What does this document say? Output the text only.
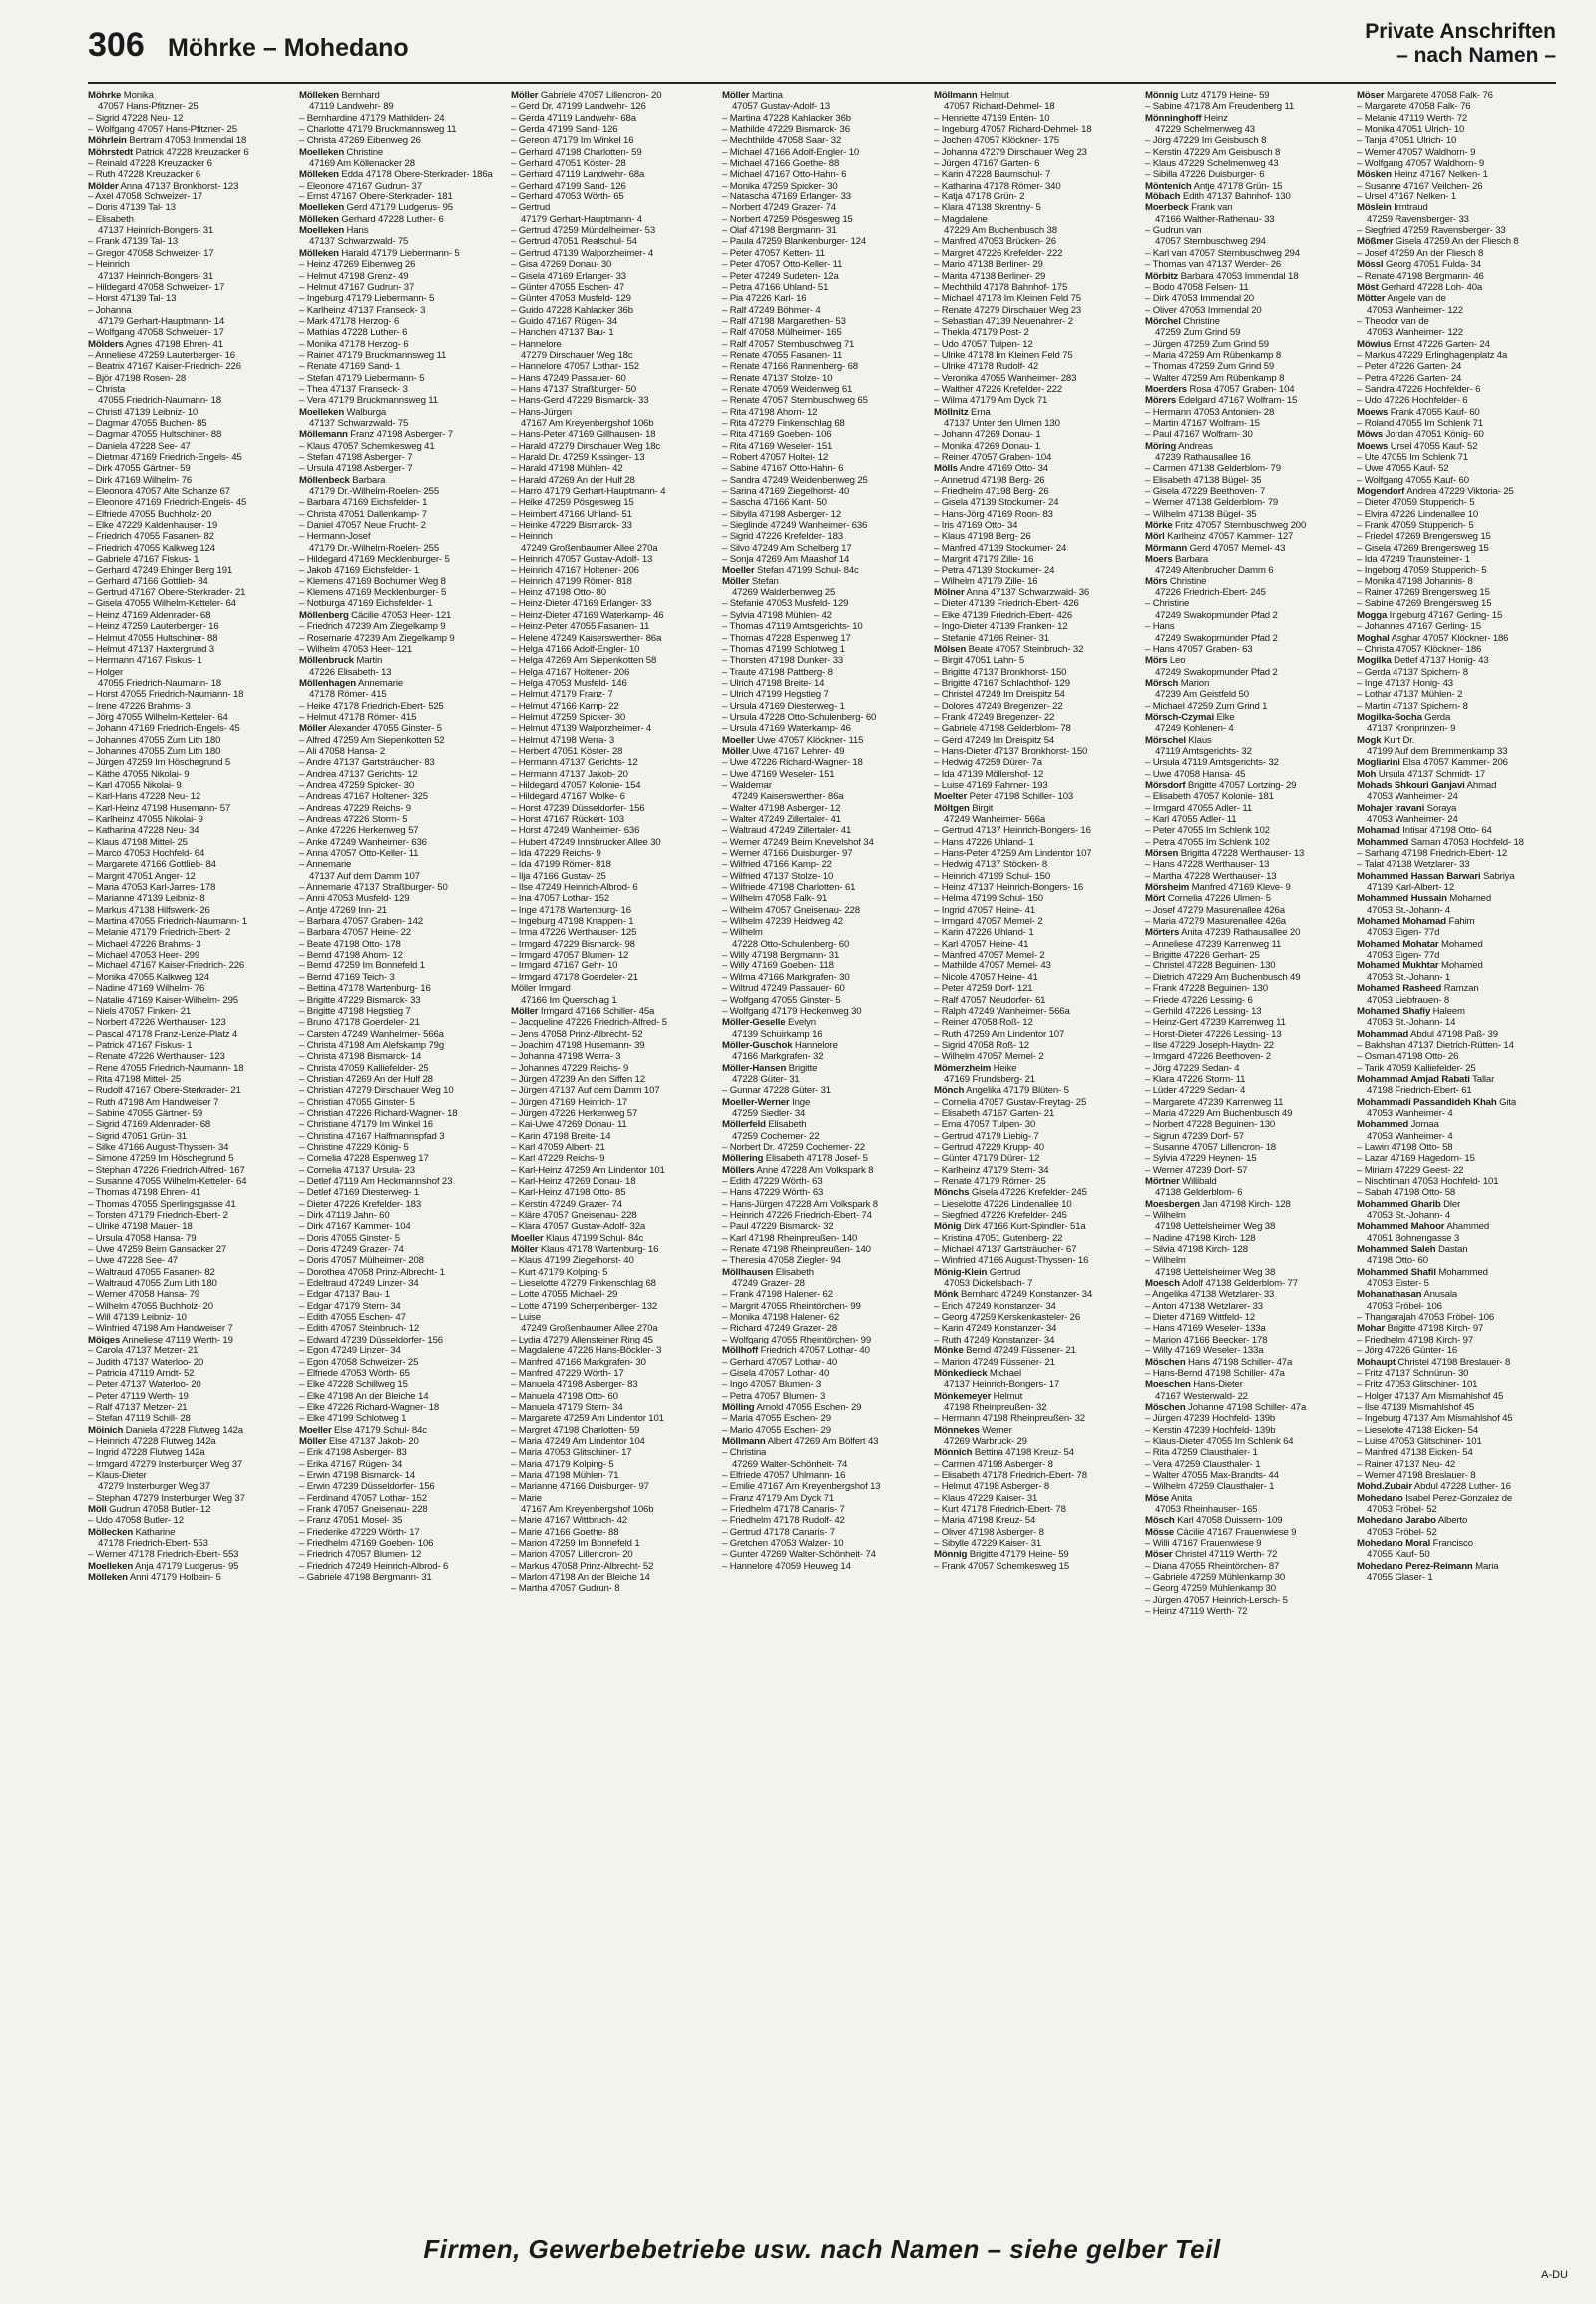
306 Möhrke – Mohedano
Private Anschriften
– nach Namen –
Möhrke Monika
47057 Hans-Pfitzner- 25
– Sigrid 47228 Neu- 12
– Wolfgang 47057 Hans-Pfitzner- 25
Möhrlein Bertram 47053 Immendal 18
Möhrstedt Patrick 47228 Kreuzacker 6
– Reinald 47228 Kreuzacker 6
– Ruth 47228 Kreuzacker 6
Mölder Anna 47137 Bronkhorst- 123
– Axel 47058 Schweizer- 17
– Doris 47139 Tal- 13
– Elisabeth
47137 Heinrich-Bongers- 31
– Frank 47139 Tal- 13
– Gregor 47058 Schweizer- 17
– Heinrich
47137 Heinrich-Bongers- 31
– Hildegard 47058 Schweizer- 17
– Horst 47139 Tal- 13
– Johanna
47179 Gerhart-Hauptmann- 14
– Wolfgang 47058 Schweizer- 17
Mölders Agnes 47198 Ehren- 41
– Anneliese 47259 Lauterberger- 16
– Beatrix 47167 Kaiser-Friedrich- 226
– Björ 47198 Rosen- 28
– Christa
47055 Friedrich-Naumann- 18
– Christl 47139 Leibniz- 10
– Dagmar 47055 Buchen- 85
– Dagmar 47055 Hultschiner- 88
– Daniela 47228 See- 47
– Dietmar 47169 Friedrich-Engels- 45
– Dirk 47055 Gärtner- 59
– Dirk 47169 Wilhelm- 76
– Eleonora 47057 Alte Schanze 67
– Eleonore 47169 Friedrich-Engels- 45
– Elfriede 47055 Buchholz- 20
– Elke 47229 Kaldenhauser- 19
– Friedrich 47055 Fasanen- 82
– Friedrich 47055 Kalkweg 124
– Gabriele 47167 Fiskus- 1
– Gerhard 47249 Ehinger Berg 191
– Gerhard 47166 Gottlieb- 84
– Gertrud 47167 Obere-Sterkrader- 21
– Gisela 47055 Wilhelm-Ketteler- 64
– Heinz 47169 Aldenrader- 68
– Heinz 47259 Lauterberger- 16
– Helmut 47055 Hultschiner- 88
– Helmut 47137 Haxtergrund 3
– Hermann 47167 Fiskus- 1
– Holger
47055 Friedrich-Naumann- 18
– Horst 47055 Friedrich-Naumann- 18
– Irene 47226 Brahms- 3
– Jörg 47055 Wilhelm-Ketteler- 64
– Johann 47169 Friedrich-Engels- 45
– Johannes 47055 Zum Lith 180
– Johannes 47055 Zum Lith 180
– Jürgen 47259 Im Höschegrund 5
– Käthe 47055 Nikolai- 9
– Karl 47055 Nikolai- 9
– Karl-Hans 47228 Neu- 12
– Karl-Heinz 47198 Husemann- 57
– Karlheinz 47055 Nikolai- 9
– Katharina 47228 Neu- 34
– Klaus 47198 Mittel- 25
– Marco 47053 Hochfeld- 64
– Margarete 47166 Gottlieb- 84
– Margrit 47051 Anger- 12
– Maria 47053 Karl-Jarres- 178
– Marianne 47139 Leibniz- 8
– Markus 47138 Hilfswerk- 26
– Martina 47055 Friedrich-Naumann- 1
– Melanie 47179 Friedrich-Ebert- 2
– Michael 47226 Brahms- 3
– Michael 47053 Heer- 299
– Michael 47167 Kaiser-Friedrich- 226
– Monika 47055 Kalkweg 124
– Nadine 47169 Wilhelm- 76
– Natalie 47169 Kaiser-Wilhelm- 295
– Niels 47057 Finken- 21
– Norbert 47226 Werthauser- 123
– Pascal 47178 Franz-Lenze-Platz 4
– Patrick 47167 Fiskus- 1
– Renate 47226 Werthauser- 123
– Rene 47055 Friedrich-Naumann- 18
– Rita 47198 Mittel- 25
– Rudolf 47167 Obere-Sterkrader- 21
– Ruth 47198 Am Handweiser 7
– Sabine 47055 Gärtner- 59
– Sigrid 47169 Aldenrader- 68
– Sigrid 47051 Grün- 31
– Silke 47166 August-Thyssen- 34
– Simone 47259 Im Höschegrund 5
– Stephan 47226 Friedrich-Alfred- 167
– Susanne 47055 Wilhelm-Ketteler- 64
– Thomas 47198 Ehren- 41
– Thomas 47055 Sperlingsgasse 41
– Torsten 47179 Friedrich-Ebert- 2
– Ulrike 47198 Mauer- 18
– Ursula 47058 Hansa- 79
– Uwe 47259 Beim Gansacker 27
– Uwe 47228 See- 47
– Waltraud 47055 Fasanen- 82
– Waltraud 47055 Zum Lith 180
– Werner 47058 Hansa- 79
– Wilhelm 47055 Buchholz- 20
– Will 47139 Leibniz- 10
– Winfried 47198 Am Handweiser 7
Möiges Anneliese 47119 Werth- 19
– Carola 47137 Metzer- 21
– Judith 47137 Waterloo- 20
– Patricia 47119 Arndt- 52
– Peter 47137 Waterloo- 20
– Peter 47119 Werth- 19
– Ralf 47137 Metzer- 21
– Stefan 47119 Schill- 28
Möinich Daniela 47228 Flutweg 142a
– Heinrich 47228 Flutweg 142a
– Ingrid 47228 Flutweg 142a
– Irmgard 47279 Insterburger Weg 37
– Klaus-Dieter
47279 Insterburger Weg 37
– Stephan 47279 Insterburger Weg 37
Möll Gudrun 47058 Butler- 12
– Udo 47058 Butler- 12
Möllecken Katharine
47178 Friedrich-Ebert- 553
– Werner 47178 Friedrich-Ebert- 553
Moelleken Anja 47179 Ludgerus- 95
Mölleken Anni 47179 Holbein- 5
Mölleken Bernhard
47119 Landwehr- 89
– Bernhardine 47179 Mathilden- 24
– Charlotte 47179 Bruckmannsweg 11
– Christa 47269 Eibenweg 26
Moelleken Christine
47169 Am Köllenacker 28
Mölleken Edda 47178 Obere-Sterkrader- 186a
– Eleonore 47167 Gudrun- 37
– Ernst 47167 Obere-Sterkrader- 181
Moelleken Gerd 47179 Ludgerus- 95
Mölleken Gerhard 47228 Luther- 6
Moelleken Hans
47137 Schwarzwald- 75
Mölleken Harald 47179 Liebermann- 5
– Heinz 47269 Eibenweg 26
– Helmut 47198 Grenz- 49
– Helmut 47167 Gudrun- 37
– Ingeburg 47179 Liebermann- 5
– Karlheinz 47137 Franseck- 3
– Mark 47178 Herzog- 6
– Mathias 47228 Luther- 6
– Monika 47178 Herzog- 6
– Rainer 47179 Bruckmannsweg 11
– Renate 47169 Sand- 1
– Stefan 47179 Liebermann- 5
– Thea 47137 Franseck- 3
– Vera 47179 Bruckmannsweg 11
Moelleken Walburga
47137 Schwarzwald- 75
Möllemann Franz 47198 Asberger- 7
– Klaus 47057 Schemkesweg 41
– Stefan 47198 Asberger- 7
– Ursula 47198 Asberger- 7
Möllenbeck Barbara
47179 Dr.-Wilhelm-Roelen- 255
– Barbara 47169 Eichsfelder- 1
– Christa 47051 Dallenkamp- 7
– Daniel 47057 Neue Frucht- 2
– Hermann-Josef
47179 Dr.-Wilhelm-Roelen- 255
– Hildegard 47169 Mecklenburger- 5
– Jakob 47169 Eichsfelder- 1
– Klemens 47169 Bochumer Weg 8
– Klemens 47169 Mecklenburger- 5
– Notburga 47169 Eichsfelder- 1
Möllenberg Cäcilie 47053 Heer- 121
– Friedrich 47239 Am Ziegelkamp 9
– Rosemarie 47239 Am Ziegelkamp 9
– Wilhelm 47053 Heer- 121
Möllenbruck Martin
47226 Elisabeth- 13
Möllenhagen Annemarie
47178 Römer- 415
– Heike 47178 Friedrich-Ebert- 525
– Helmut 47178 Römer- 415
Möller Alexander 47055 Ginster- 5
– Alfred 47259 Am Siepenkotten 52
– Ali 47058 Hansa- 2
– Andre 47137 Gartsträucher- 83
– Andrea 47137 Gerichts- 12
– Andrea 47259 Spicker- 30
– Andreas 47167 Holtener- 325
– Andreas 47229 Reichs- 9
– Andreas 47226 Storm- 5
– Anke 47226 Herkenweg 57
– Anke 47249 Wanheimer- 636
– Anna 47057 Otto-Keller- 11
– Annemarie
47137 Auf dem Damm 107
– Annemarie 47137 Straßburger- 50
– Anni 47053 Musfeld- 129
– Antje 47269 Inn- 21
– Barbara 47057 Graben- 142
– Barbara 47057 Heine- 22
– Beate 47198 Otto- 178
– Bernd 47198 Ahorn- 12
– Bernd 47259 Im Bonnefeld 1
– Bernd 47169 Teich- 3
– Bettina 47178 Wartenburg- 16
– Brigitte 47229 Bismarck- 33
– Brigitte 47198 Hegstieg 7
– Bruno 47178 Goerdeler- 21
– Carsten 47249 Wanheimer- 566a
– Christa 47198 Am Alefskamp 79g
– Christa 47198 Bismarck- 14
– Christa 47059 Kalliefelder- 25
– Christian 47269 An der Hulf 28
– Christian 47279 Dirschauer Weg 10
– Christian 47055 Ginster- 5
– Christian 47226 Richard-Wagner- 18
– Christiane 47179 Im Winkel 16
– Christina 47167 Halfmannspfad 3
– Christine 47229 König- 5
– Cornelia 47228 Espenweg 17
– Cornelia 47137 Ursula- 23
– Detlef 47119 Am Heckmannshof 23
– Detlef 47169 Diesterweg- 1
– Dieter 47226 Krefelder- 183
– Dirk 47119 Jahn- 60
– Dirk 47167 Kammer- 104
– Doris 47055 Ginster- 5
– Doris 47249 Grazer- 74
– Doris 47057 Mülheimer- 208
– Dorothea 47058 Prinz-Albrecht- 1
– Edeltraud 47249 Linzer- 34
– Edgar 47137 Bau- 1
– Edgar 47179 Stern- 34
– Edith 47055 Eschen- 47
– Edith 47057 Steinbruch- 12
– Edward 47239 Düsseldorfer- 156
– Egon 47249 Linzer- 34
– Egon 47058 Schweizer- 25
– Elfriede 47053 Wörth- 65
– Elke 47228 Schillweg 15
– Elke 47198 An der Bleiche 14
– Elke 47226 Richard-Wagner- 18
– Elke 47199 Schlotweg 1
Moeller Else 47179 Schul- 84c
Möller Else 47137 Jakob- 20
– Erik 47198 Asberger- 83
– Erika 47167 Rügen- 34
– Erwin 47198 Bismarck- 14
– Erwin 47239 Düsseldorfer- 156
– Ferdinand 47057 Lothar- 152
– Frank 47057 Gneisenau- 228
– Franz 47051 Mosel- 35
– Friederike 47229 Wörth- 17
– Friedhelm 47169 Goeben- 106
– Friedrich 47057 Blumen- 12
– Friedrich 47249 Heinrich-Albrod- 6
– Gabriele 47198 Bergmann- 31
Möller Gabriele 47057 Lillencron- 20
– Gerd Dr. 47199 Landwehr- 126
– Gerda 47119 Landwehr- 68a
– Gerda 47199 Sand- 126
– Gereon 47179 Im Winkel 16
– Gerhard 47198 Charlotten- 59
– Gerhard 47051 Köster- 28
– Gerhard 47119 Landwehr- 68a
– Gerhard 47199 Sand- 126
– Gerhard 47053 Wörth- 65
– Gertrud
47179 Gerhart-Hauptmann- 4
– Gertrud 47259 Mündelheimer- 53
– Gertrud 47051 Realschul- 54
– Gertrud 47139 Walporzheimer- 4
– Gisa 47269 Donau- 30
– Gisela 47169 Erlanger- 33
– Günter 47055 Eschen- 47
– Günter 47053 Musfeld- 129
– Guido 47228 Kahlacker 36b
– Guido 47167 Rügen- 34
– Hanchen 47137 Bau- 1
– Hannelore
47279 Dirschauer Weg 18c
– Hannelore 47057 Lothar- 152
– Hans 47249 Passauer- 60
– Hans 47137 Straßburger- 50
– Hans-Gerd 47229 Bismarck- 33
– Hans-Jürgen
47167 Am Kreyenbergshof 106b
– Hans-Peter 47169 Gillhausen- 18
– Harald 47279 Dirschauer Weg 18c
– Harald Dr. 47259 Kissinger- 13
– Harald 47198 Mühlen- 42
– Harald 47269 An der Hulf 28
– Harro 47179 Gerhart-Hauptmann- 4
– Heike 47259 Pösgesweg 15
– Heimbert 47166 Uhland- 51
– Heinke 47229 Bismarck- 33
– Heinrich
47249 Großenbaumer Allee 270a
– Heinrich 47057 Gustav-Adolf- 13
– Heinrich 47167 Holtener- 206
– Heinrich 47199 Römer- 818
– Heinz 47198 Otto- 80
– Heinz-Dieter 47169 Erlanger- 33
– Heinz-Dieter 47169 Waterkamp- 46
– Heinz-Peter 47055 Fasanen- 11
– Helene 47249 Kaiserswerther- 86a
– Helga 47166 Adolf-Engler- 10
– Helga 47269 Am Siepenkotten 58
– Helga 47167 Holtener- 206
– Helga 47053 Musfeld- 146
– Helmut 47179 Franz- 7
– Helmut 47166 Kamp- 22
– Helmut 47259 Spicker- 30
– Helmut 47139 Walporzheimer- 4
– Helmut 47198 Werra- 3
– Herbert 47051 Köster- 28
– Hermann 47137 Gerichts- 12
– Hermann 47137 Jakob- 20
– Hildegard 47057 Kolonie- 154
– Hildegard 47167 Wolke- 6
– Horst 47239 Düsseldorfer- 156
– Horst 47167 Rückert- 103
– Horst 47249 Wanheimer- 636
– Hubert 47249 Innsbrucker Allee 30
– Ida 47229 Reichs- 9
– Ida 47199 Römer- 818
– Ilja 47166 Gustav- 25
– Ilse 47249 Heinrich-Albrod- 6
– Ina 47057 Lothar- 152
– Inge 47178 Wartenburg- 16
– Ingeburg 47198 Knappen- 1
– Irma 47226 Werthauser- 125
– Irmgard 47229 Bismarck- 98
– Irmgard 47057 Blumen- 12
– Irmgard 47167 Gehr- 10
– Irmgard 47178 Goerdeler- 21
Möller Irmgard
47166 Im Querschlag 1
Möller Irmgard 47166 Schiller- 45a
– Jacqueline 47226 Friedrich-Alfred- 5
– Jens 47058 Prinz-Albrecht- 52
– Joachim 47198 Husemann- 39
– Johanna 47198 Werra- 3
– Johannes 47229 Reichs- 9
– Jürgen 47239 An den Siffen 12
– Jürgen 47137 Auf dem Damm 107
– Jürgen 47169 Heinrich- 17
– Jürgen 47226 Herkenweg 57
– Kai-Uwe 47269 Donau- 11
– Karin 47198 Breite- 14
– Karl 47059 Albert- 21
– Karl 47229 Reichs- 9
– Karl-Heinz 47259 Am Lindentor 101
– Karl-Heinz 47269 Donau- 18
– Karl-Heinz 47198 Otto- 85
– Kerstin 47249 Grazer- 74
– Kläre 47057 Gneisenau- 228
– Klara 47057 Gustav-Adolf- 32a
Moeller Klaus 47199 Schul- 84c
Möller Klaus 47178 Wartenburg- 16
– Klaus 47199 Ziegelhorst- 40
– Kurt 47179 Kolping- 5
– Lieselotte 47279 Finkenschlag 68
– Lotte 47055 Michael- 29
– Lotte 47199 Scherpenberger- 132
– Luise
47249 Großenbaumer Allee 270a
– Lydia 47279 Allensteiner Ring 45
– Magdalene 47226 Hans-Böckler- 3
– Manfred 47166 Markgrafen- 30
– Manfred 47229 Wörth- 17
– Manuela 47198 Asberger- 83
– Manuela 47198 Otto- 60
– Manuela 47179 Stern- 34
– Margarete 47259 Am Lindentor 101
– Margret 47198 Charlotten- 59
– Maria 47249 Am Lindentor 104
– Maria 47053 Glitschiner- 17
– Maria 47179 Kolping- 5
– Maria 47198 Mühlen- 71
– Marianne 47166 Duisburger- 97
– Marie
47167 Am Kreyenbergshof 106b
– Marie 47167 Wittbruch- 42
– Marie 47166 Goethe- 88
– Marion 47259 Im Bonnefeld 1
– Marion 47057 Lillencron- 20
– Markus 47058 Prinz-Albrecht- 52
– Marlon 47198 An der Bleiche 14
– Martha 47057 Gudrun- 8
Möller Martina
47057 Gustav-Adolf- 13
– Martina 47228 Kahlacker 36b
– Mathilde 47229 Bismarck- 36
– Mechthilde 47058 Saar- 32
– Michael 47166 Adolf-Engler- 10
– Michael 47166 Goethe- 88
– Michael 47167 Otto-Hahn- 6
– Monika 47259 Spicker- 30
– Natascha 47169 Erlanger- 33
– Norbert 47249 Grazer- 74
– Norbert 47259 Pösgesweg 15
– Olaf 47198 Bergmann- 31
– Paula 47259 Blankenburger- 124
– Peter 47057 Ketten- 11
– Peter 47057 Otto-Keller- 11
– Peter 47249 Sudeten- 12a
– Petra 47166 Uhland- 51
– Pia 47226 Karl- 16
– Ralf 47249 Böhmer- 4
– Ralf 47198 Margarethen- 53
– Ralf 47058 Mülheimer- 165
– Ralf 47057 Sternbuschweg 71
– Renate 47055 Fasanen- 11
– Renate 47166 Rannenberg- 68
– Renate 47137 Stolze- 10
– Renate 47059 Weidenweg 61
– Renate 47057 Sternbuschweg 65
– Rita 47198 Ahorn- 12
– Rita 47279 Finkenschlag 68
– Rita 47169 Goeben- 106
– Rita 47169 Weseler- 151
– Robert 47057 Holtei- 12
– Sabine 47167 Otto-Hahn- 6
– Sandra 47249 Weidenbenweg 25
– Sarina 47169 Ziegelhorst- 40
– Sascha 47166 Kant- 50
– Sibylla 47198 Asberger- 12
– Sieglinde 47249 Wanheimer- 636
– Sigrid 47226 Krefelder- 183
– Silvo 47249 Am Schelberg 17
– Sonja 47269 Am Maashof 14
Moeller Stefan 47199 Schul- 84c
Möller Stefan
47269 Walderbenweg 25
– Stefanie 47053 Musfeld- 129
– Sylvia 47198 Mühlen- 42
– Thomas 47119 Amtsgerichts- 10
– Thomas 47228 Espenweg 17
– Thomas 47199 Schlotweg 1
– Thorsten 47198 Dunker- 33
– Traute 47198 Pattberg- 8
– Ulrich 47198 Breite- 14
– Ulrich 47199 Hegstieg 7
– Ursula 47169 Diesterweg- 1
– Ursula 47228 Otto-Schulenberg- 60
– Ursula 47169 Waterkamp- 46
Moeller Uwe 47057 Klöckner- 115
Möller Uwe 47167 Lehrer- 49
– Uwe 47226 Richard-Wagner- 18
– Uwe 47169 Weseler- 151
– Waldemar
47249 Kaiserswerther- 86a
– Walter 47198 Asberger- 12
– Walter 47249 Zillertaler- 41
– Waltraud 47249 Zillertaler- 41
– Werner 47249 Beim Knevelshof 34
– Werner 47166 Duisburger- 97
– Wilfried 47166 Kamp- 22
– Wilfried 47137 Stolze- 10
– Wilfriede 47198 Charlotten- 61
– Wilhelm 47058 Falk- 91
– Wilhelm 47057 Gneisenau- 228
– Wilhelm 47239 Heidweg 42
– Wilhelm
47228 Otto-Schulenberg- 60
– Willy 47198 Bergmann- 31
– Willy 47169 Goeben- 118
– Wilma 47166 Markgrafen- 30
– Wiltrud 47249 Passauer- 60
– Wolfgang 47055 Ginster- 5
– Wolfgang 47179 Heckenweg 30
Möller-Geselle Evelyn
47139 Schuirkamp 16
Möller-Guschok Hannelore
47166 Markgrafen- 32
Möller-Hansen Brigitte
47228 Güter- 31
– Gunnar 47228 Güter- 31
Moeller-Werner Inge
47259 Siedler- 34
Möllerfeld Elisabeth
47259 Cochemer- 22
– Norbert Dr. 47259 Cochemer- 22
Möllering Elisabeth 47178 Josef- 5
Möllers Anne 47228 Am Volkspark 8
– Edith 47229 Wörth- 63
– Hans 47229 Wörth- 63
– Hans-Jürgen 47228 Am Volkspark 8
– Heinrich 47226 Friedrich-Ebert- 74
– Paul 47229 Bismarck- 32
– Karl 47198 Rheinpreußen- 140
– Renate 47198 Rheinpreußen- 140
– Theresia 47058 Ziegler- 94
Möllhausen Elisabeth
47249 Grazer- 28
– Frank 47198 Halener- 62
– Margrit 47055 Rheintörchen- 99
– Monika 47198 Halener- 62
– Richard 47249 Grazer- 28
– Wolfgang 47055 Rheintörchen- 99
Möllhoff Friedrich 47057 Lothar- 40
– Gerhard 47057 Lothar- 40
– Gisela 47057 Lothar- 40
– Ingo 47057 Blumen- 3
– Petra 47057 Blumen- 3
Mölling Arnold 47055 Eschen- 29
– Maria 47055 Eschen- 29
– Mario 47055 Eschen- 29
Möllmann Albert 47269 Am Bölfert 43
– Christina
47269 Walter-Schönheit- 74
– Elfriede 47057 Uhlmann- 16
– Emilie 47167 Am Kreyenbergshof 13
– Franz 47179 Am Dyck 71
– Friedhelm 47178 Canaris- 7
– Friedhelm 47178 Rudolf- 42
– Gertrud 47178 Canaris- 7
– Gretchen 47053 Walzer- 10
– Gunter 47269 Walter-Schönheit- 74
– Hannelore 47059 Heuweg 14
Möllmann Helmut
47057 Richard-Dehmel- 18
– Henriette 47169 Enten- 10
– Ingeburg 47057 Richard-Dehmel- 18
– Jochen 47057 Klöckner- 175
– Johanna 47279 Dirschauer Weg 23
– Jürgen 47167 Garten- 6
– Karin 47228 Baumschul- 7
– Katharina 47178 Römer- 340
– Katja 47178 Grün- 2
– Klara 47138 Skrentny- 5
– Magdalene
47229 Am Buchenbusch 38
– Manfred 47053 Brücken- 26
– Margret 47226 Krefelder- 222
– Mario 47138 Berliner- 29
– Marita 47138 Berliner- 29
– Mechthild 47178 Bahnhof- 175
– Michael 47178 Im Kleinen Feld 75
– Renate 47279 Dirschauer Weg 23
– Sebastian 47139 Neuenahrer- 2
– Thekla 47179 Post- 2
– Udo 47057 Tulpen- 12
– Ulrike 47178 Im Kleinen Feld 75
– Ulrike 47178 Rudolf- 42
– Veronika 47055 Wanheimer- 283
– Walther 47226 Krefelder- 222
– Wilma 47179 Am Dyck 71
Möllnitz Erna
47137 Unter den Ulmen 130
– Johann 47269 Donau- 1
– Monika 47269 Donau- 1
– Reiner 47057 Graben- 104
Mölls Andre 47169 Otto- 34
– Annetrud 47198 Berg- 26
– Friedhelm 47198 Berg- 26
– Gisela 47139 Stockumer- 24
– Hans-Jörg 47169 Roon- 83
– Iris 47169 Otto- 34
– Klaus 47198 Berg- 26
– Manfred 47139 Stockumer- 24
– Margrit 47179 Zille- 16
– Petra 47139 Stockumer- 24
– Wilhelm 47179 Zille- 16
Mölner Anna 47137 Schwarzwald- 36
– Dieter 47139 Friedrich-Ebert- 426
– Elke 47139 Friedrich-Ebert- 426
– Ingo-Dieter 47139 Franken- 12
– Stefanie 47166 Reiner- 31
Mölsen Beate 47057 Steinbruch- 32
– Birgit 47051 Lahn- 5
– Brigitte 47137 Bronkhorst- 150
– Brigitte 47167 Schlachthof- 129
– Christel 47249 Im Dreispitz 54
– Dolores 47249 Bregenzer- 22
– Frank 47249 Bregenzer- 22
– Gabriele 47198 Gelderblom- 78
– Gerd 47249 Im Dreispitz 54
– Hans-Dieter 47137 Bronkhorst- 150
– Hedwig 47259 Dürer- 7a
– Ida 47139 Möllershof- 12
– Luise 47169 Fahrner- 193
Moelter Peter 47198 Schiller- 103
Möltgen Birgit
47249 Wanheimer- 566a
– Gertrud 47137 Heinrich-Bongers- 16
– Hans 47226 Uhland- 1
– Hans-Peter 47259 Am Lindentor 107
– Hedwig 47137 Stöcken- 8
– Heinrich 47199 Schul- 150
– Heinz 47137 Heinrich-Bongers- 16
– Helma 47199 Schul- 150
– Ingrid 47057 Heine- 41
– Irmgard 47057 Memel- 2
– Karin 47226 Uhland- 1
– Karl 47057 Heine- 41
– Manfred 47057 Memel- 2
– Mathilde 47057 Memel- 43
– Nicole 47057 Heine- 41
– Peter 47259 Dorf- 121
– Ralf 47057 Neudorfer- 61
– Ralph 47249 Wanheimer- 566a
– Reiner 47058 Roß- 12
– Ruth 47259 Am Lindentor 107
– Sigrid 47058 Roß- 12
– Wilhelm 47057 Memel- 2
Mömerzheim Heike
47169 Frundsberg- 21
Mönch Angelika 47179 Blüten- 5
– Cornelia 47057 Gustav-Freytag- 25
– Elisabeth 47167 Garten- 21
– Erna 47057 Tulpen- 30
– Gertrud 47179 Liebig- 7
– Gertrud 47229 Krupp- 40
– Günter 47179 Dürer- 12
– Karlheinz 47179 Stern- 34
– Renate 47179 Römer- 25
Mönchs Gisela 47226 Krefelder- 245
– Lieselotte 47226 Lindenallee 10
– Siegfried 47226 Krefelder- 245
Mönig Dirk 47166 Kurt-Spindler- 51a
– Kristina 47051 Gutenberg- 22
– Michael 47137 Gartsträucher- 67
– Winfried 47166 August-Thyssen- 16
Mönig-Klein Gertrud
47053 Dickelsbach- 7
Mönk Bernhard 47249 Konstanzer- 34
– Erich 47249 Konstanzer- 34
– Georg 47259 Kerskenkasteler- 26
– Karin 47249 Konstanzer- 34
– Ruth 47249 Konstanzer- 34
Mönke Bernd 47249 Füssener- 21
– Marion 47249 Füssener- 21
Mönkedieck Michael
47137 Heinrich-Bongers- 17
Mönkemeyer Helmut
47198 Rheinpreußen- 32
– Hermann 47198 Rheinpreußen- 32
Mönnekes Werner
47269 Warbruck- 29
Mönnich Bettina 47198 Kreuz- 54
– Carmen 47198 Asberger- 8
– Elisabeth 47178 Friedrich-Ebert- 78
– Helmut 47198 Asberger- 8
– Klaus 47229 Kaiser- 31
– Kurt 47178 Friedrich-Ebert- 78
– Maria 47198 Kreuz- 54
– Oliver 47198 Asberger- 8
– Sibylle 47229 Kaiser- 31
Mönnig Brigitte 47179 Heine- 59
– Frank 47057 Schemkesweg 15
Mönnig Lutz 47179 Heine- 59
– Sabine 47178 Am Freudenberg 11
Mönninghoff Heinz
47229 Schelmenweg 43
– Jörg 47229 Im Geisbusch 8
– Kerstin 47229 Am Geisbusch 8
– Klaus 47229 Schelmenweg 43
– Sibilla 47226 Duisburger- 6
Mönteních Antje 47178 Grün- 15
Möbach Edith 47137 Bahnhof- 130
Moerbeck Frank van
47166 Walther-Rathenau- 33
– Gudrun van
47057 Sternbuschweg 294
– Karl van 47057 Sternbuschweg 294
– Thomas van 47137 Werder- 26
Mörbitz Barbara 47053 Immendal 18
– Bodo 47058 Felsen- 11
– Dirk 47053 Immendal 20
– Oliver 47053 Immendal 20
Mörchel Christine
47259 Zum Grind 59
– Jürgen 47259 Zum Grind 59
– Maria 47259 Am Rübenkamp 8
– Thomas 47259 Zum Grind 59
– Walter 47259 Am Rübenkamp 8
Moerders Rosa 47057 Graben- 104
Mörers Edelgard 47167 Wolfram- 15
– Hermann 47053 Antonien- 28
– Martin 47167 Wolfram- 15
– Paul 47167 Wolfram- 30
Möring Andreas
47239 Rathausallee 16
– Carmen 47138 Gelderblom- 79
– Elisabeth 47138 Bügel- 35
– Gisela 47229 Beethoven- 7
– Werner 47138 Gelderblom- 79
– Wilhelm 47138 Bügel- 35
Mörke Fritz 47057 Sternbuschweg 200
Mörl Karlheinz 47057 Kammer- 127
Mörmann Gerd 47057 Memel- 43
Moers Barbara
47249 Altenbrucher Damm 6
Mörs Christine
47226 Friedrich-Ebert- 245
– Christine
47249 Swakopmunder Pfad 2
– Hans
47249 Swakopmunder Pfad 2
– Hans 47057 Graben- 63
Mörs Leo
47249 Swakopmunder Pfad 2
Mörsch Marion
47239 Am Geistfeld 50
– Michael 47259 Zum Grind 1
Mörsch-Czymai Elke
47249 Kohlenen- 4
Mörschel Klaus
47119 Amtsgerichts- 32
– Ursula 47119 Amtsgerichts- 32
– Uwe 47058 Hansa- 45
Mörsdorf Brigitte 47057 Lortzing- 29
– Elisabeth 47057 Kolonie- 181
– Irmgard 47055 Adler- 11
– Karl 47055 Adler- 11
– Peter 47055 Im Schlenk 102
– Petra 47055 Im Schlenk 102
Mörsen Brigitta 47228 Werthauser- 13
– Hans 47228 Werthauser- 13
– Martha 47228 Werthauser- 13
Mörsheim Manfred 47169 Kleve- 9
Mört Cornelia 47226 Ulmen- 5
– Josef 47279 Masurenallee 426a
– Maria 47279 Masurenallee 426a
Mörters Anita 47239 Rathausallee 20
– Anneliese 47239 Karrenweg 11
– Brigitte 47226 Gerhart- 25
– Christel 47228 Beguinen- 130
– Dietrich 47229 Am Buchenbusch 49
– Frank 47228 Beguinen- 130
– Friede 47226 Lessing- 6
– Gerhild 47226 Lessing- 13
– Heinz-Gert 47239 Karrenweg 11
– Horst-Dieter 47226 Lessing- 13
– Ilse 47229 Joseph-Haydn- 22
– Irmgard 47226 Beethoven- 2
– Jörg 47229 Sedan- 4
– Klara 47226 Storm- 11
– Lüder 47229 Sedan- 4
– Margarete 47239 Karrenweg 11
– Maria 47229 Am Buchenbusch 49
– Norbert 47228 Beguinen- 130
– Sigrun 47239 Dorf- 57
– Susanne 47057 Lillencron- 18
– Sylvia 47229 Heynen- 15
– Werner 47239 Dorf- 57
Mörtner Willibald
47138 Gelderblom- 6
Moesbergen Jan 47198 Kirch- 128
– Wilhelm
47198 Uettelsheimer Weg 38
– Nadine 47198 Kirch- 128
– Silvia 47198 Kirch- 128
– Wilhelm
47198 Uettelsheimer Weg 38
Moesch Adolf 47138 Gelderblom- 77
– Angelika 47138 Wetzlarer- 33
– Anton 47138 Wetzlarer- 33
– Dieter 47169 Wittfeld- 12
– Hans 47169 Weseler- 133a
– Marion 47166 Beecker- 178
– Willy 47169 Weseler- 133a
Möschen Hans 47198 Schiller- 47a
– Hans-Bernd 47198 Schiller- 47a
Moeschen Hans-Dieter
47167 Westerwald- 22
Möschen Johanne 47198 Schiller- 47a
– Jürgen 47239 Hochfeld- 139b
– Kerstin 47239 Hochfeld- 139b
– Klaus-Dieter 47055 Im Schlenk 64
– Rita 47259 Clausthaler- 1
– Vera 47259 Clausthaler- 1
– Walter 47055 Max-Brandts- 44
– Wilhelm 47259 Clausthaler- 1
Möse Anita
47053 Rheinhauser- 165
Mösch Karl 47058 Duissern- 109
Mösse Cäcilie 47167 Frauenwiese 9
– Willi 47167 Frauenwiese 9
Möser Christel 47119 Werth- 72
– Diana 47055 Rheintörchen- 87
– Gabriele 47259 Mühlenkamp 30
– Georg 47259 Mühlenkamp 30
– Jürgen 47057 Heinrich-Lersch- 5
– Heinz 47119 Werth- 72
Möser Margarete 47058 Falk- 76
– Margarete 47058 Falk- 76
– Melanie 47119 Werth- 72
– Monika 47051 Ulrich- 10
– Tanja 47051 Ulrich- 10
– Werner 47057 Waldhorn- 9
– Wolfgang 47057 Waldhorn- 9
Mösken Heinz 47167 Nelken- 1
– Susanne 47167 Veilchen- 26
– Ursel 47167 Nelken- 1
Möslein Irmtraud
47259 Ravensberger- 33
– Siegfried 47259 Ravensberger- 33
Mößmer Gisela 47259 An der Fliesch 8
– Josef 47259 An der Fliesch 8
Mössl Georg 47051 Fulda- 34
– Renate 47198 Bergmann- 46
Möst Gerhard 47228 Loh- 40a
Mötter Angele van de
47053 Wanheimer- 122
– Theodor van de
47053 Wanheimer- 122
Möwius Ernst 47226 Garten- 24
– Markus 47229 Erlinghagenplatz 4a
– Peter 47226 Garten- 24
– Petra 47226 Garten- 24
– Sandra 47226 Hochfelder- 6
– Udo 47226 Hochfelder- 6
Moews Frank 47055 Kauf- 60
– Roland 47055 Im Schlenk 71
Möws Jordan 47051 König- 60
Moews Ursel 47055 Kauf- 52
– Ute 47055 Im Schlenk 71
– Uwe 47055 Kauf- 52
– Wolfgang 47055 Kauf- 60
Mogendorf Andrea 47229 Viktoria- 25
– Dieter 47059 Stupperich- 5
– Elvira 47226 Lindenallee 10
– Frank 47059 Stupperich- 5
– Friedel 47269 Brengersweg 15
– Gisela 47269 Brengersweg 15
– Ida 47249 Traunsteiner- 1
– Ingeborg 47059 Stupperich- 5
– Monika 47198 Johannis- 8
– Rainer 47269 Brengersweg 15
– Sabine 47269 Brengersweg 15
Mogga Ingeburg 47167 Gerling- 15
– Johannes 47167 Gerling- 15
Moghal Asghar 47057 Klöckner- 186
– Christa 47057 Klöckner- 186
Mogilka Detlef 47137 Honig- 43
– Gerda 47137 Spichern- 8
– Inge 47137 Honig- 43
– Lothar 47137 Mühlen- 2
– Martin 47137 Spichern- 8
Mogilka-Socha Gerda
47137 Kronprinzen- 9
Mogk Kurt Dr.
47199 Auf dem Bremmenkamp 33
Mogliarini Elsa 47057 Kammer- 206
Moh Ursula 47137 Schmidt- 17
Mohads Shkouri Ganjavi Ahmad
47053 Wanheimer- 24
Mohajer Iravani Soraya
47053 Wanheimer- 24
Mohamad Intisar 47198 Otto- 64
Mohammed Saman 47053 Hochfeld- 18
– Sarhang 47198 Friedrich-Ebert- 12
– Talat 47138 Wetzlarer- 33
Mohammed Hassan Barwari Sabriya
47139 Karl-Albert- 12
Mohammed Hussain Mohamed
47053 St.-Johann- 4
Mohamed Mohamad Fahim
47053 Eigen- 77d
Mohamed Mohatar Mohamed
47053 Eigen- 77d
Mohamed Mukhtar Mohamed
47053 St.-Johann- 1
Mohamed Rasheed Ramzan
47053 Liebfrauen- 8
Mohamed Shafiy Haleem
47053 St.-Johann- 14
Mohammad Abdul 47198 Paß- 39
– Bakhshan 47137 Dietrich-Rütten- 14
– Osman 47198 Otto- 26
– Tarik 47059 Kalliefelder- 25
Mohammad Amjad Rabati Tallar
47198 Friedrich-Ebert- 61
Mohammadi Passandideh Khah Gita
47053 Wanheimer- 4
Mohammed Jomaa
47053 Wanheimer- 4
– Lawin 47198 Otto- 58
– Lazar 47169 Hagedorn- 15
– Miriam 47229 Geest- 22
– Nischtiman 47053 Hochfeld- 101
– Sabah 47198 Otto- 58
Mohammed Gharib Dler
47053 St.-Johann- 4
Mohammed Mahoor Ahammed
47051 Bohnengasse 3
Mohammed Saleh Dastan
47198 Otto- 60
Mohammed Shafil Mohammed
47053 Eister- 5
Mohanathasan Anusala
47053 Fröbel- 106
– Thangarajah 47053 Fröbel- 106
Mohar Brigitte 47198 Kirch- 97
– Friedhelm 47198 Kirch- 97
– Jörg 47226 Günter- 16
Mohaupt Christel 47198 Breslauer- 8
– Fritz 47137 Schnürun- 30
– Fritz 47053 Glitschiner- 101
– Holger 47137 Am Mismahlshof 45
– Ilse 47139 Mismahlshof 45
– Ingeburg 47137 Am Mismahlshof 45
– Lieselotte 47138 Eicken- 54
– Luise 47053 Glitschiner- 101
– Manfred 47138 Eicken- 54
– Rainer 47137 Neu- 42
– Werner 47198 Breslauer- 8
Mohd.Zubair Abdul 47228 Luther- 16
Mohedano Isabel Perez-Gonzalez de
47053 Fröbel- 52
Mohedano Jarabo Alberto
47053 Fröbel- 52
Mohedano Moral Francisco
47055 Kauf- 50
Mohedano Perez-Reimann Maria
47055 Glaser- 1
Firmen, Gewerbebetriebe usw. nach Namen – siehe gelber Teil
A-DU
